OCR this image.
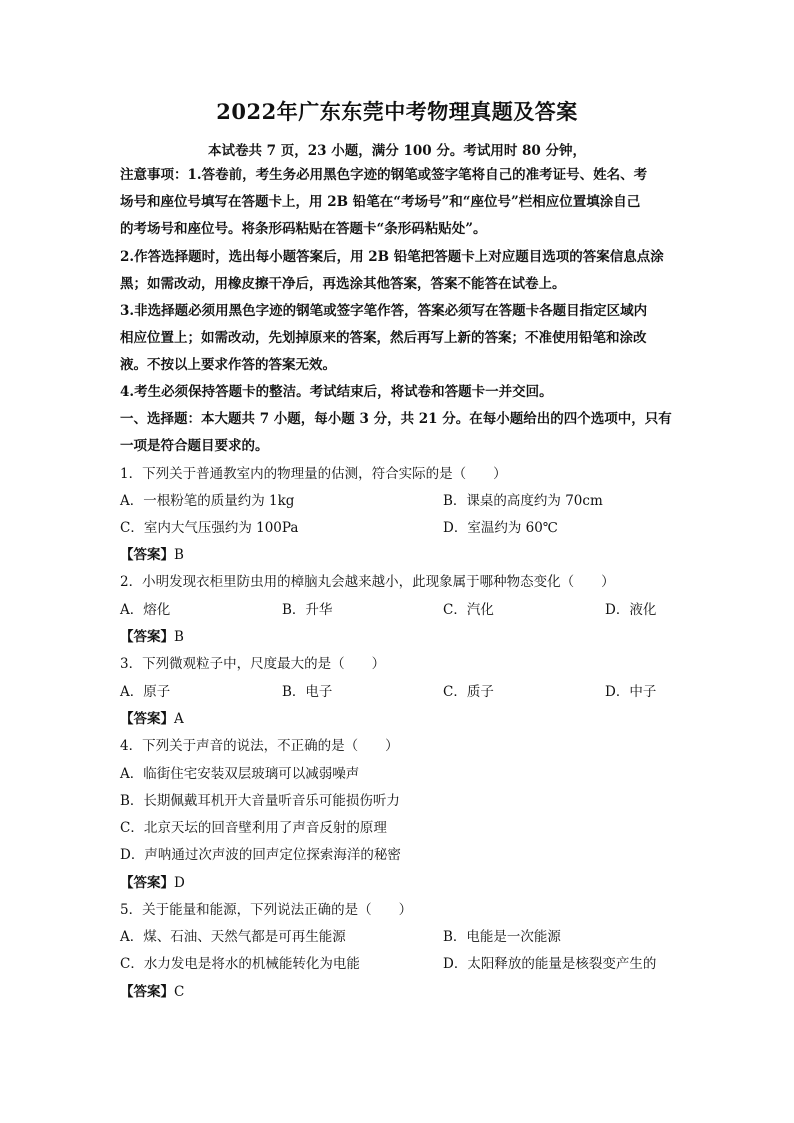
2022年广东东莞中考物理真题及答案
本试卷共 7 页，23 小题，满分 100 分。考试用时 80 分钟，
注意事项：1.答卷前，考生务必用黑色字迹的钢笔或签字笔将自己的准考证号、姓名、考
场号和座位号填写在答题卡上，用 2B 铅笔在“考场号”和“座位号”栏相应位置填涂自己
的考场号和座位号。将条形码粘贴在答题卡“条形码粘贴处”。
2.作答选择题时，选出每小题答案后，用 2B 铅笔把答题卡上对应题目选项的答案信息点涂
黑；如需改动，用橡皮擦干净后，再选涂其他答案，答案不能答在试卷上。
3.非选择题必须用黑色字迹的钢笔或签字笔作答，答案必须写在答题卡各题目指定区域内
相应位置上；如需改动，先划掉原来的答案，然后再写上新的答案；不准使用铅笔和涂改
液。不按以上要求作答的答案无效。
4.考生必须保持答题卡的整洁。考试结束后，将试卷和答题卡一并交回。
一、选择题：本大题共 7 小题，每小题 3 分，共 21 分。在每小题给出的四个选项中，只有
一项是符合题目要求的。
1．下列关于普通教室内的物理量的估测，符合实际的是（　　）
A．一根粉笔的质量约为 1kg	B．课桌的高度约为 70cm
C．室内大气压强约为 100Pa	D．室温约为 60℃
【答案】B
2．小明发现衣柜里防虫用的樟脑丸会越来越小，此现象属于哪种物态变化（　　）
A．熔化	B．升华	C．汽化	D．液化
【答案】B
3．下列微观粒子中，尺度最大的是（　　）
A．原子	B．电子	C．质子	D．中子
【答案】A
4．下列关于声音的说法，不正确的是（　　）
A．临街住宅安装双层玻璃可以减弱噪声
B．长期佩戴耳机开大音量听音乐可能损伤听力
C．北京天坛的回音壁利用了声音反射的原理
D．声呐通过次声波的回声定位探索海洋的秘密
【答案】D
5．关于能量和能源，下列说法正确的是（　　）
A．煤、石油、天然气都是可再生能源	B．电能是一次能源
C．水力发电是将水的机械能转化为电能	D．太阳释放的能量是核裂变产生的
【答案】C
